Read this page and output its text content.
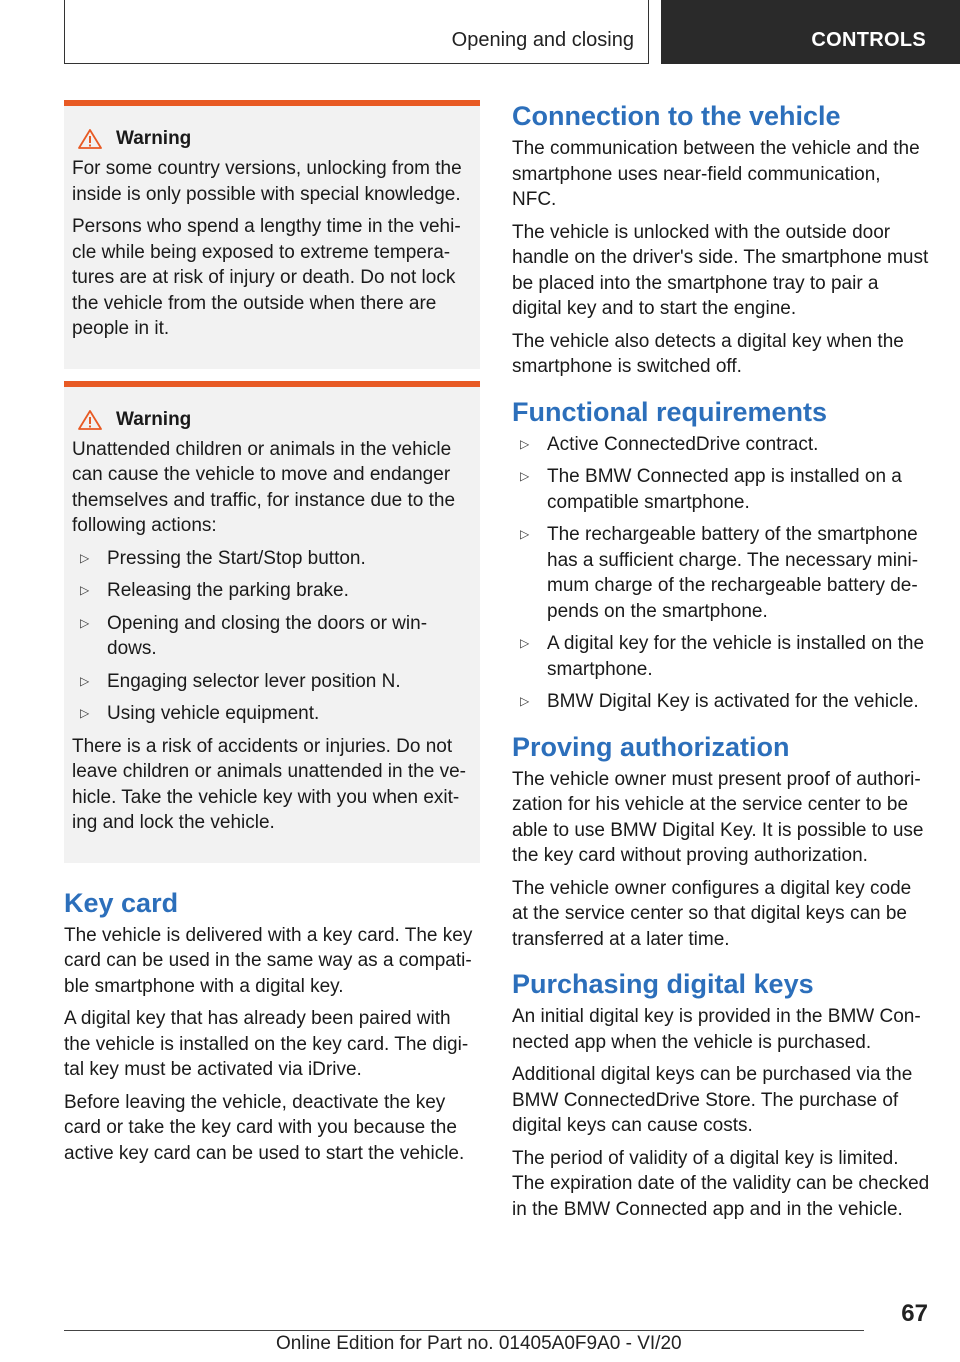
Opening and closing	CONTROLS
Warning

For some country versions, unlocking from the inside is only possible with special knowledge.

Persons who spend a lengthy time in the vehi‐cle while being exposed to extreme tempera‐tures are at risk of injury or death. Do not lock the vehicle from the outside when there are people in it.

Warning

Unattended children or animals in the vehicle can cause the vehicle to move and endanger themselves and traffic, for instance due to the following actions:

▷ Pressing the Start/Stop button.
▷ Releasing the parking brake.
▷ Opening and closing the doors or win‐dows.
▷ Engaging selector lever position N.
▷ Using vehicle equipment.

There is a risk of accidents or injuries. Do not leave children or animals unattended in the ve‐hicle. Take the vehicle key with you when exit‐ing and lock the vehicle.

Key card

The vehicle is delivered with a key card. The key card can be used in the same way as a compati‐ble smartphone with a digital key.

A digital key that has already been paired with the vehicle is installed on the key card. The digi‐tal key must be activated via iDrive.

Before leaving the vehicle, deactivate the key card or take the key card with you because the active key card can be used to start the vehicle.

Connection to the vehicle

The communication between the vehicle and the smartphone uses near-field communication, NFC.

The vehicle is unlocked with the outside door handle on the driver's side. The smartphone must be placed into the smartphone tray to pair a digital key and to start the engine.

The vehicle also detects a digital key when the smartphone is switched off.

Functional requirements
▷ Active ConnectedDrive contract.
▷ The BMW Connected app is installed on a compatible smartphone.
▷ The rechargeable battery of the smartphone has a sufficient charge. The necessary mini‐mum charge of the rechargeable battery de‐pends on the smartphone.
▷ A digital key for the vehicle is installed on the smartphone.
▷ BMW Digital Key is activated for the vehicle.
Proving authorization

The vehicle owner must present proof of authori‐zation for his vehicle at the service center to be able to use BMW Digital Key. It is possible to use the key card without proving authorization.

The vehicle owner configures a digital key code at the service center so that digital keys can be transferred at a later time.

Purchasing digital keys

An initial digital key is provided in the BMW Con‐nected app when the vehicle is purchased.

Additional digital keys can be purchased via the BMW ConnectedDrive Store. The purchase of digital keys can cause costs.

The period of validity of a digital key is limited. The expiration date of the validity can be checked in the BMW Connected app and in the vehicle.

67
Online Edition for Part no. 01405A0F9A0 - VI/20
